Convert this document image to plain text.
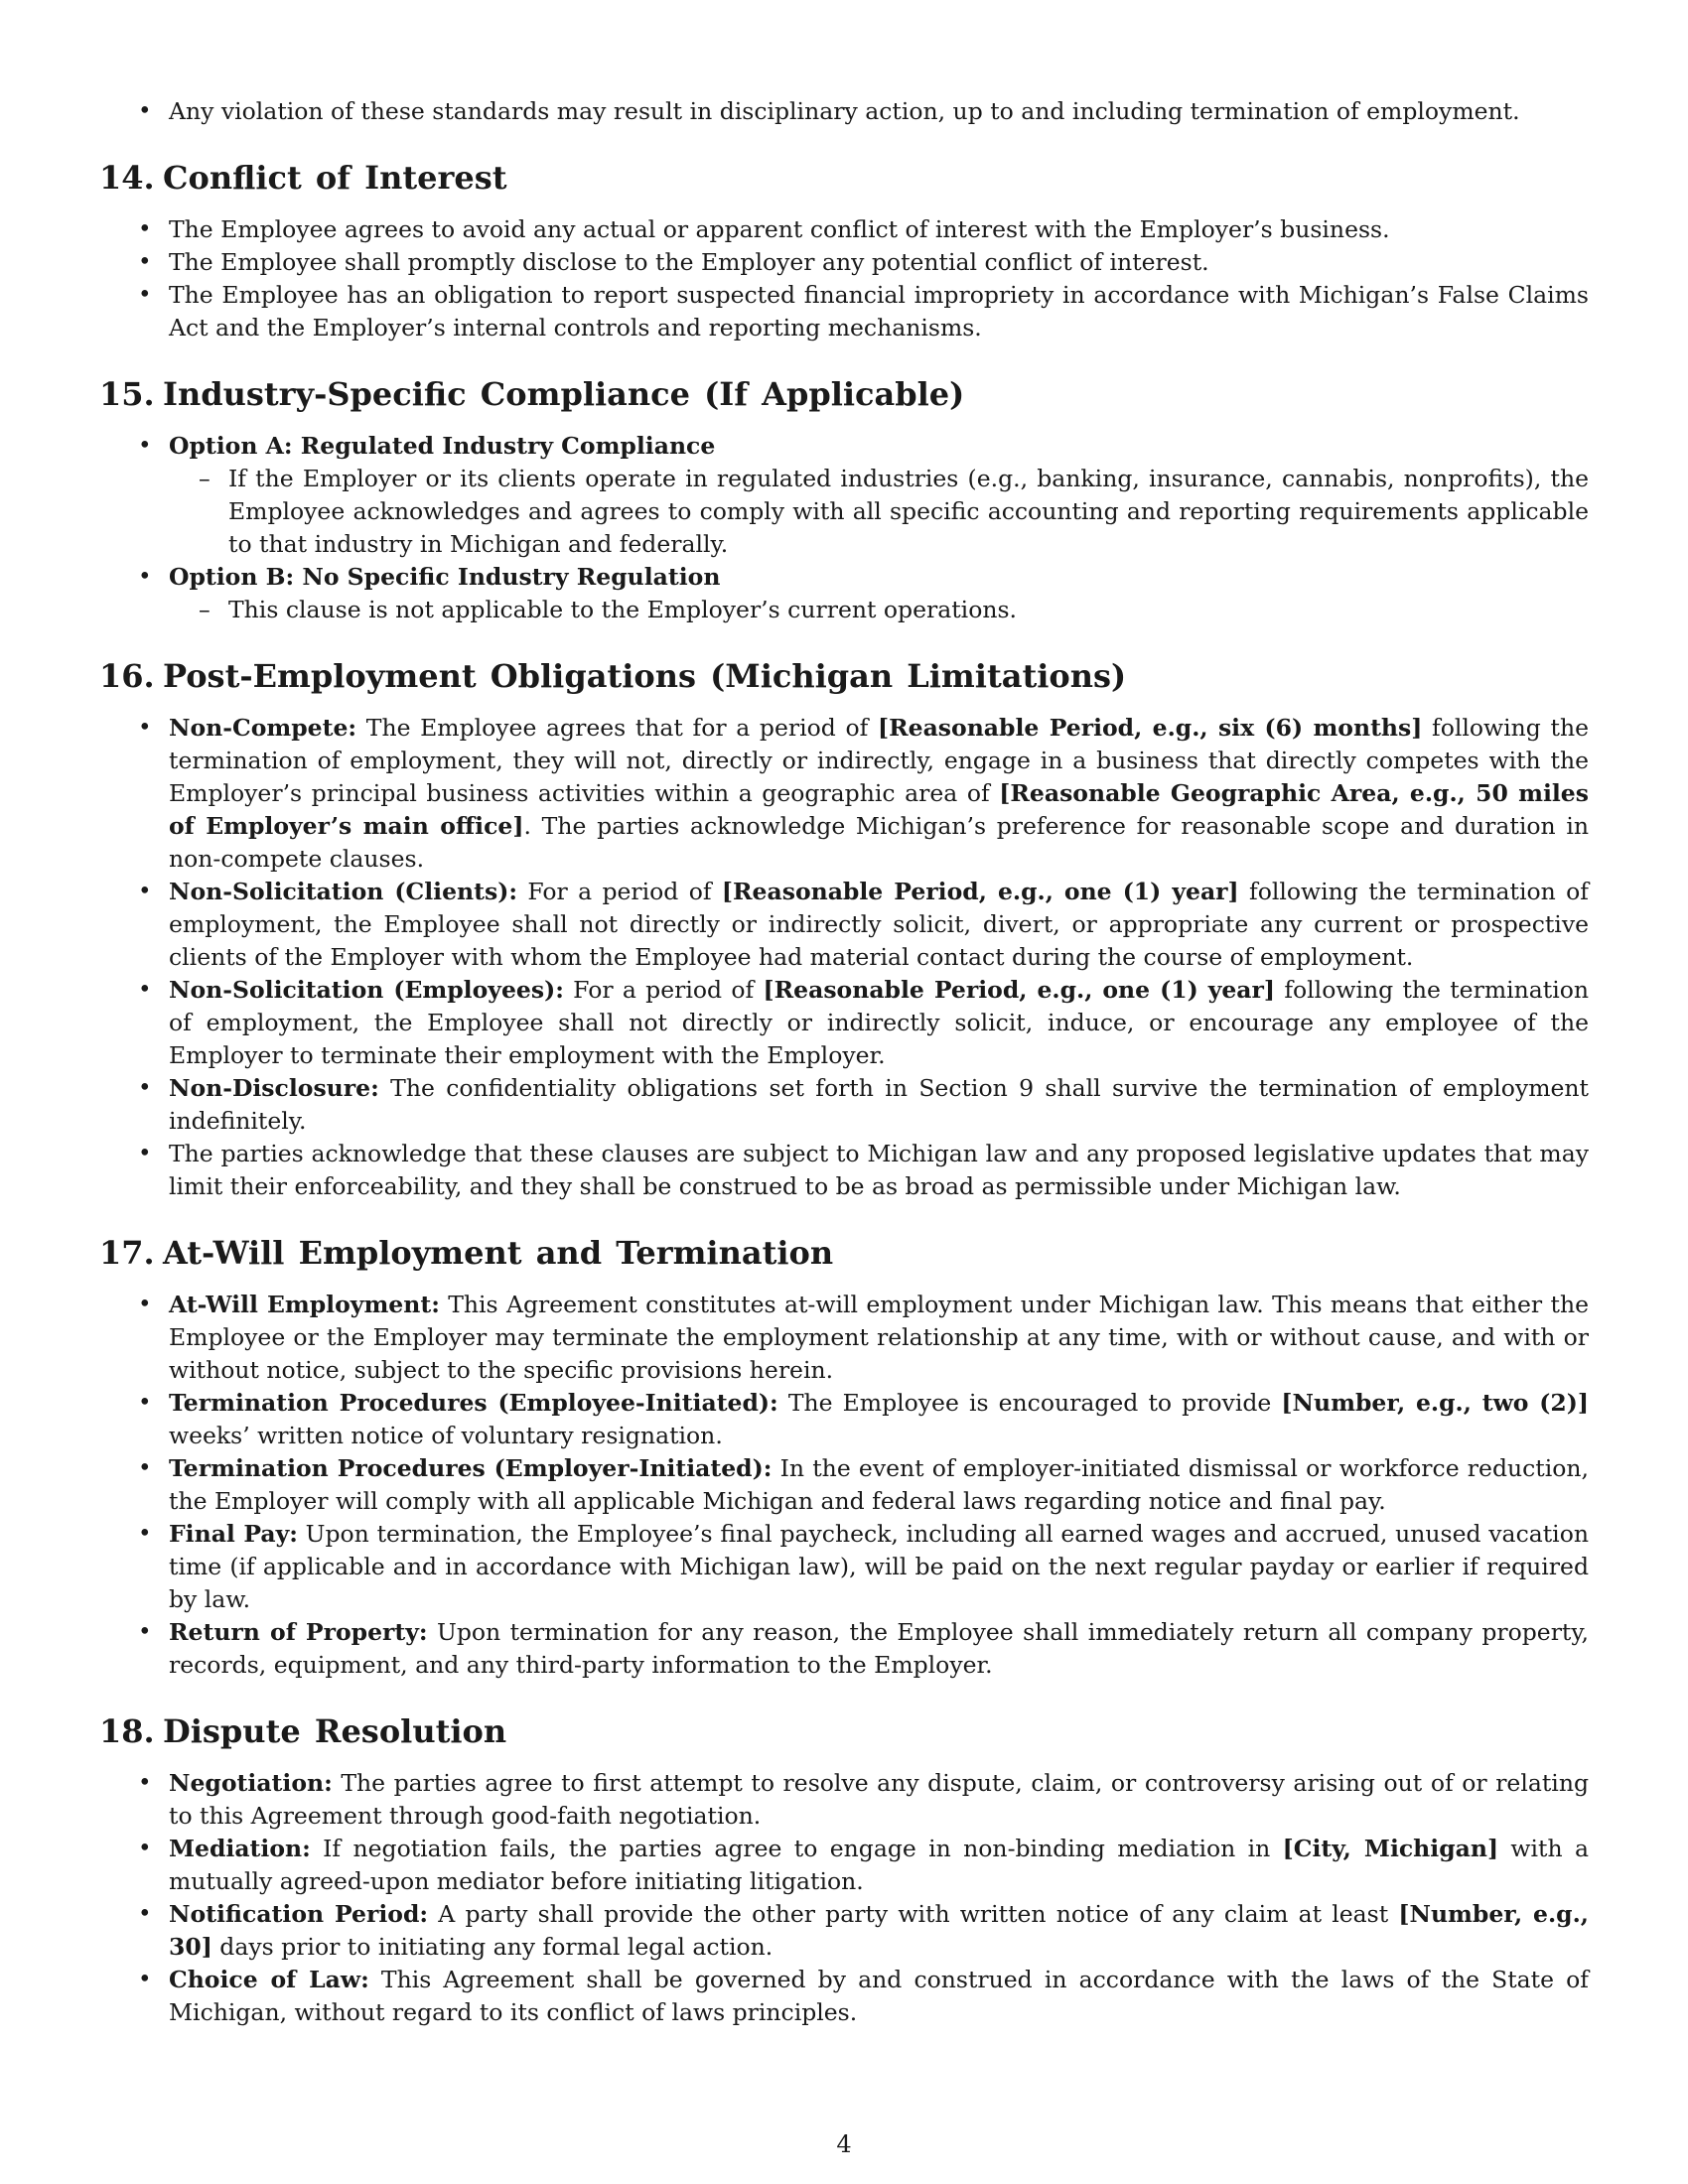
• Any violation of these standards may result in disciplinary action, up to and including termination of employment.
14. Conflict of Interest
• The Employee agrees to avoid any actual or apparent conflict of interest with the Employer’s business.
• The Employee shall promptly disclose to the Employer any potential conflict of interest.
• The Employee has an obligation to report suspected financial impropriety in accordance with Michigan’s False Claims Act and the Employer’s internal controls and reporting mechanisms.
15. Industry-Specific Compliance (If Applicable)
• Option A: Regulated Industry Compliance
– If the Employer or its clients operate in regulated industries (e.g., banking, insurance, cannabis, nonprofits), the Employee acknowledges and agrees to comply with all specific accounting and reporting requirements applicable to that industry in Michigan and federally.
• Option B: No Specific Industry Regulation
– This clause is not applicable to the Employer’s current operations.
16. Post-Employment Obligations (Michigan Limitations)
• Non-Compete: The Employee agrees that for a period of [Reasonable Period, e.g., six (6) months] following the termination of employment, they will not, directly or indirectly, engage in a business that directly competes with the Employer’s principal business activities within a geographic area of [Reasonable Geographic Area, e.g., 50 miles of Employer’s main office]. The parties acknowledge Michigan’s preference for reasonable scope and duration in non-compete clauses.
• Non-Solicitation (Clients): For a period of [Reasonable Period, e.g., one (1) year] following the termination of employment, the Employee shall not directly or indirectly solicit, divert, or appropriate any current or prospective clients of the Employer with whom the Employee had material contact during the course of employment.
• Non-Solicitation (Employees): For a period of [Reasonable Period, e.g., one (1) year] following the termination of employment, the Employee shall not directly or indirectly solicit, induce, or encourage any employee of the Employer to terminate their employment with the Employer.
• Non-Disclosure: The confidentiality obligations set forth in Section 9 shall survive the termination of employment indefinitely.
• The parties acknowledge that these clauses are subject to Michigan law and any proposed legislative updates that may limit their enforceability, and they shall be construed to be as broad as permissible under Michigan law.
17. At-Will Employment and Termination
• At-Will Employment: This Agreement constitutes at-will employment under Michigan law. This means that either the Employee or the Employer may terminate the employment relationship at any time, with or without cause, and with or without notice, subject to the specific provisions herein.
• Termination Procedures (Employee-Initiated): The Employee is encouraged to provide [Number, e.g., two (2)] weeks’ written notice of voluntary resignation.
• Termination Procedures (Employer-Initiated): In the event of employer-initiated dismissal or workforce reduction, the Employer will comply with all applicable Michigan and federal laws regarding notice and final pay.
• Final Pay: Upon termination, the Employee’s final paycheck, including all earned wages and accrued, unused vacation time (if applicable and in accordance with Michigan law), will be paid on the next regular payday or earlier if required by law.
• Return of Property: Upon termination for any reason, the Employee shall immediately return all company property, records, equipment, and any third-party information to the Employer.
18. Dispute Resolution
• Negotiation: The parties agree to first attempt to resolve any dispute, claim, or controversy arising out of or relating to this Agreement through good-faith negotiation.
• Mediation: If negotiation fails, the parties agree to engage in non-binding mediation in [City, Michigan] with a mutually agreed-upon mediator before initiating litigation.
• Notification Period: A party shall provide the other party with written notice of any claim at least [Number, e.g., 30] days prior to initiating any formal legal action.
• Choice of Law: This Agreement shall be governed by and construed in accordance with the laws of the State of Michigan, without regard to its conflict of laws principles.
4
